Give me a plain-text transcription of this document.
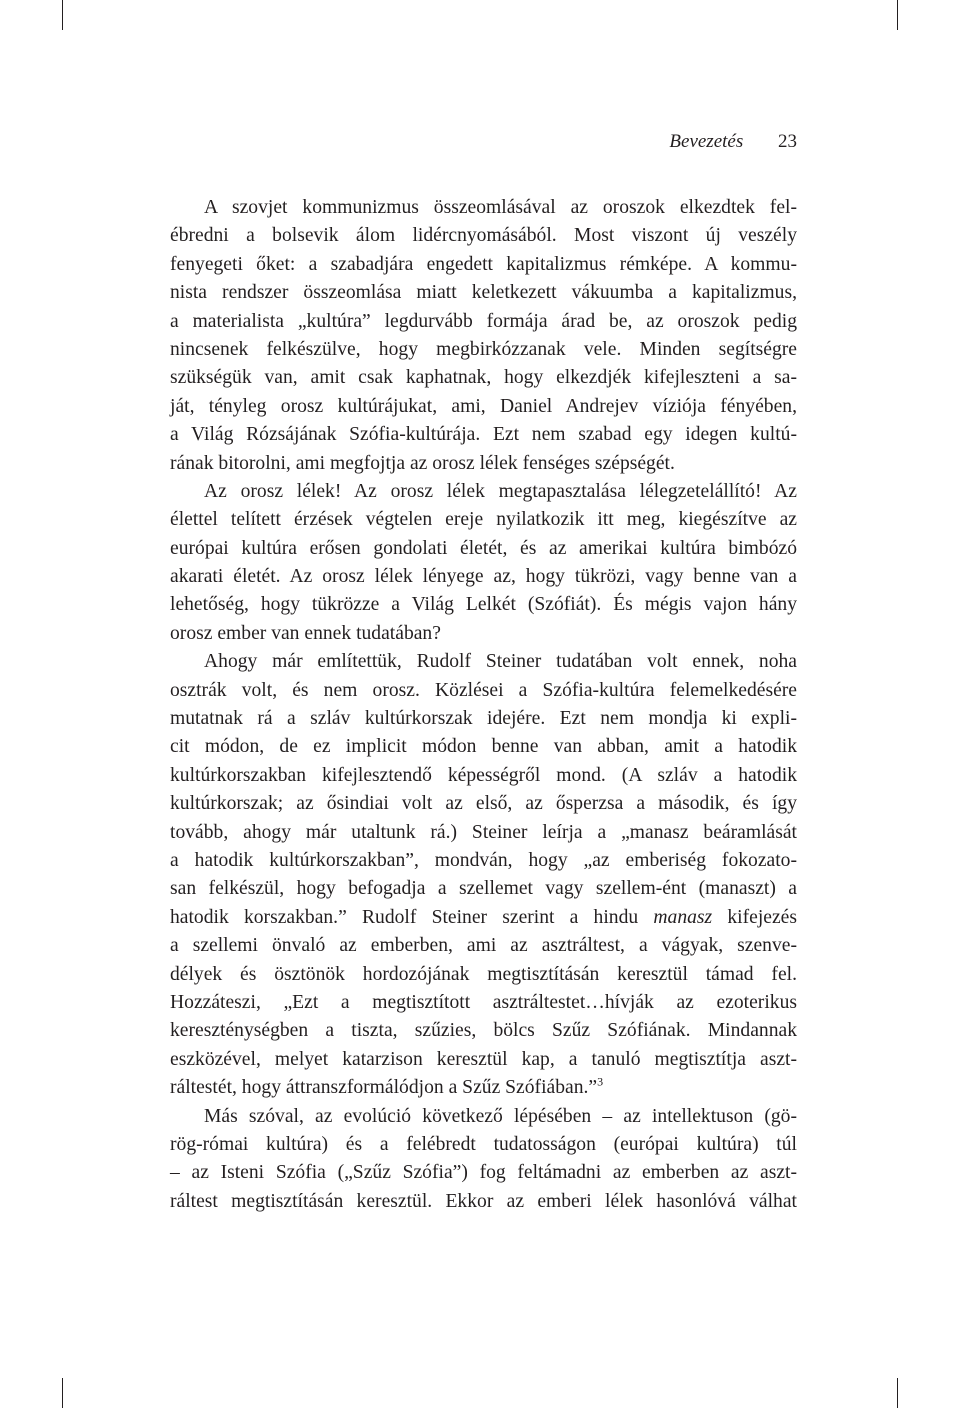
Bevezetés 23
A szovjet kommunizmus összeomlásával az oroszok elkezdtek fel-
ébredni a bolsevik álom lidércnyomásából. Most viszont új veszély
fenyegeti őket: a szabadjára engedett kapitalizmus rémképe. A kommu-
nista rendszer összeomlása miatt keletkezett vákuumba a kapitalizmus,
a materialista „kultúra” legdurvább formája árad be, az oroszok pedig
nincsenek felkészülve, hogy megbirkózzanak vele. Minden segítségre
szükségük van, amit csak kaphatnak, hogy elkezdjék kifejleszteni a sa-
ját, tényleg orosz kultúrájukat, ami, Daniel Andrejev víziója fényében,
a Világ Rózsájának Szófia-kultúrája. Ezt nem szabad egy idegen kultú-
rának bitorolni, ami megfojtja az orosz lélek fenséges szépségét.
Az orosz lélek! Az orosz lélek megtapasztalása lélegzetelállító! Az
élettel telített érzések végtelen ereje nyilatkozik itt meg, kiegészítve az
európai kultúra erősen gondolati életét, és az amerikai kultúra bimbózó
akarati életét. Az orosz lélek lényege az, hogy tükrözi, vagy benne van a
lehetőség, hogy tükrözze a Világ Lelkét (Szófiát). És mégis vajon hány
orosz ember van ennek tudatában?
Ahogy már említettük, Rudolf Steiner tudatában volt ennek, noha
osztrák volt, és nem orosz. Közlései a Szófia-kultúra felemelkedésére
mutatnak rá a szláv kultúrkorszak idejére. Ezt nem mondja ki expli-
cit módon, de ez implicit módon benne van abban, amit a hatodik
kultúrkorszakban kifejlesztendő képességről mond. (A szláv a hatodik
kultúrkorszak; az ősindiai volt az első, az ősperzsa a második, és így
tovább, ahogy már utaltunk rá.) Steiner leírja a „manasz beáramlását
a hatodik kultúrkorszakban”, mondván, hogy „az emberiség fokozato-
san felkészül, hogy befogadja a szellemet vagy szellem-ént (manaszt) a
hatodik korszakban.” Rudolf Steiner szerint a hindu manasz kifejezés
a szellemi önvaló az emberben, ami az asztráltest, a vágyak, szenve-
délyek és ösztönök hordozójának megtisztításán keresztül támad fel.
Hozzáteszi, „Ezt a megtisztított asztráltestet…hívják az ezoterikus
kereszténységben a tiszta, szűzies, bölcs Szűz Szófiának. Mindannak
eszközével, melyet katarzison keresztül kap, a tanuló megtisztítja aszt-
ráltestét, hogy áttranszformálódjon a Szűz Szófiában.”$^3$
Más szóval, az evolúció következő lépésében – az intellektuson (gö-
rög-római kultúra) és a felébredt tudatosságon (európai kultúra) túl
– az Isteni Szófia („Szűz Szófia”) fog feltámadni az emberben az aszt-
ráltest megtisztításán keresztül. Ekkor az emberi lélek hasonlóvá válhat
